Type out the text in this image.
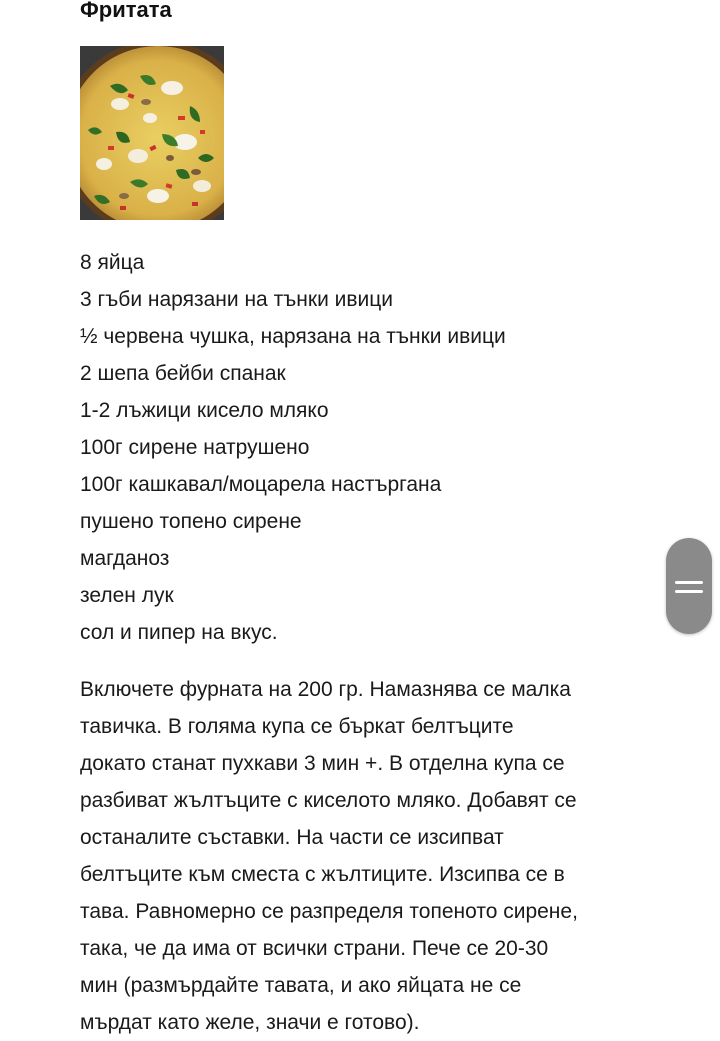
Фритата
8 яйца
3 гъби нарязани на тънки ивици
½ червена чушка, нарязана на тънки ивици
2 шепа бейби спанак
1-2 лъжици кисело мляко
100г сирене натрушено
100г кашкавал/моцарела настъргана
пушено топено сирене
магданоз
зелен лук
сол и пипер на вкус.

Включете фурната на 200 гр. Намазнява се малка
тавичка. В голяма купа се бъркат белтъците
докато станат пухкави 3 мин +. В отделна купа се
разбиват жълтъците с киселото мляко. Добавят се
останалите съставки. На части се изсипват
белтъците към сместа с жълтиците. Изсипва се в
тава. Равномерно се разпределя топеното сирене,
така, че да има от всички страни. Пече се 20-30
мин (размърдайте тавата, и ако яйцата не се
мърдат като желе, значи е готово).
